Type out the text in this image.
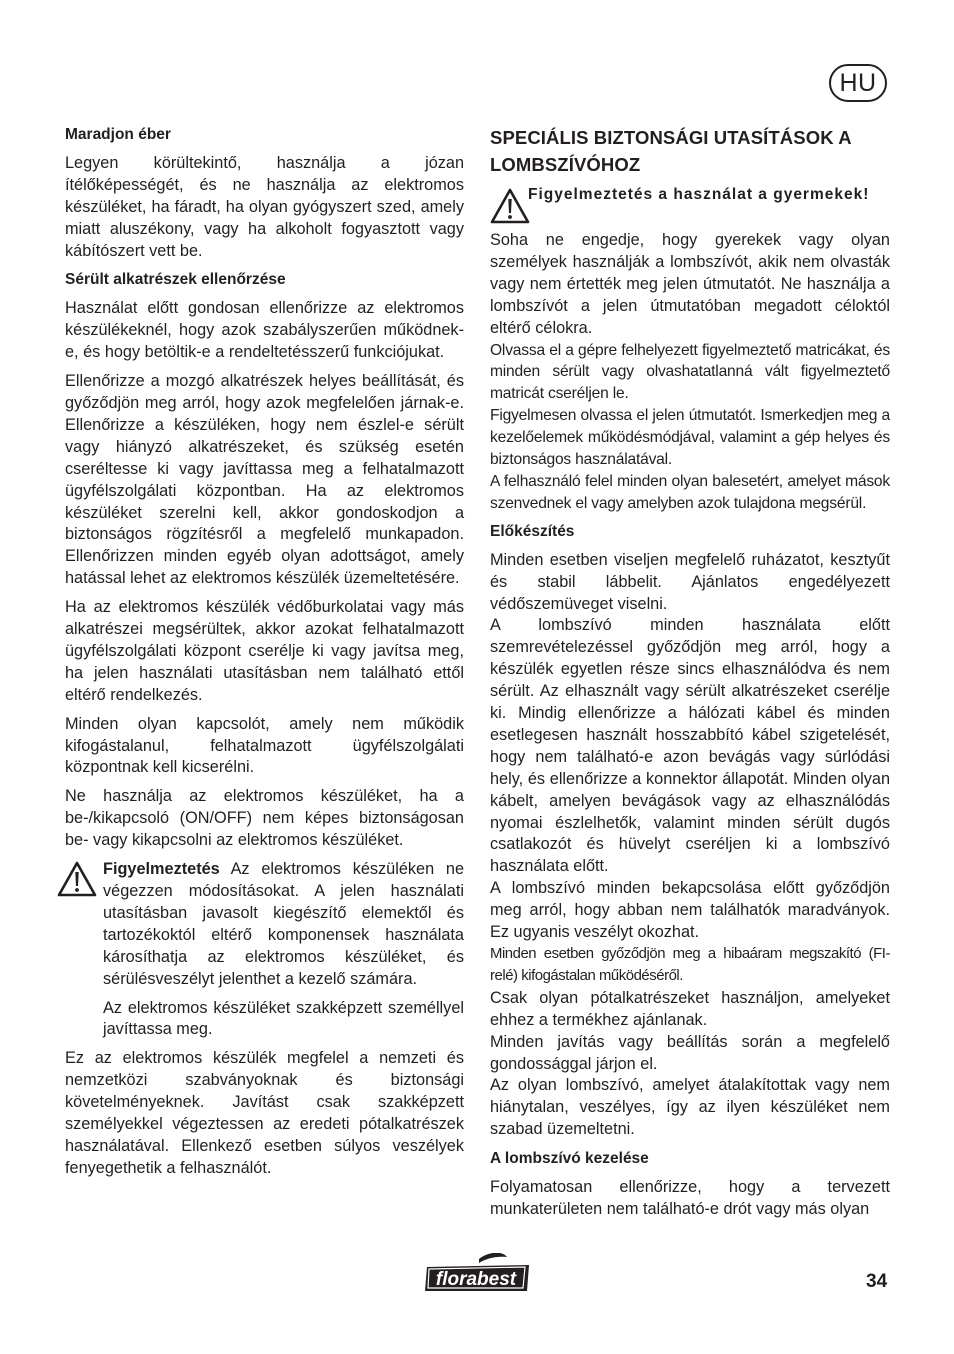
HU
Maradjon éber

Legyen körültekintő, használja a józan ítélőképességét, és ne használja az elektromos készüléket, ha fáradt, ha olyan gyógyszert szed, amely miatt aluszékony, vagy ha alkoholt fogyasztott vagy kábítószert vett be.

Sérült alkatrészek ellenőrzése

Használat előtt gondosan ellenőrizze az elektromos készülékeknél, hogy azok szabályszerűen működnek-e, és hogy betöltik-e a rendeltetésszerű funkciójukat.

Ellenőrizze a mozgó alkatrészek helyes beállítását, és győződjön meg arról, hogy azok megfelelően járnak-e. Ellenőrizze a készüléken, hogy nem észlel-e sérült vagy hiányzó alkatrészeket, és szükség esetén cseréltesse ki vagy javíttassa meg a felhatalmazott ügyfélszolgálati központban. Ha az elektromos készüléket szerelni kell, akkor gondoskodjon a biztonságos rögzítésről a megfelelő munkapadon. Ellenőrizzen minden egyéb olyan adottságot, amely hatással lehet az elektromos készülék üzemeltetésére.

Ha az elektromos készülék védőburkolatai vagy más alkatrészei megsérültek, akkor azokat felhatalmazott ügyfélszolgálati központ cserélje ki vagy javítsa meg, ha jelen használati utasításban nem található ettől eltérő rendelkezés.

Minden olyan kapcsolót, amely nem működik kifogástalanul, felhatalmazott ügyfélszolgálati központnak kell kicserélni.

Ne használja az elektromos készüléket, ha a be-/kikapcsoló (ON/OFF) nem képes biztonságosan be- vagy kikapcsolni az elektromos készüléket.

Figyelmeztetés Az elektromos készüléken ne végezzen módosításokat. A jelen használati utasításban javasolt kiegészítő elemektől és tartozékoktól eltérő komponensek használata károsíthatja az elektromos készüléket, és sérülésveszélyt jelenthet a kezelő számára.

Az elektromos készüléket szakképzett személlyel javíttassa meg.

Ez az elektromos készülék megfelel a nemzeti és nemzetközi szabványoknak és biztonsági követelményeknek. Javítást csak szakképzett személyekkel végeztessen az eredeti pótalkatrészek használatával. Ellenkező esetben súlyos veszélyek fenyegethetik a felhasználót.

SPECIÁLIS BIZTONSÁGI UTASÍTÁSOK A LOMBSZÍVÓHOZ
Figyelmeztetés a használat a gyermekek!

Soha ne engedje, hogy gyerekek vagy olyan személyek használják a lombszívót, akik nem olvasták vagy nem értették meg jelen útmutatót. Ne használja a lombszívót a jelen útmutatóban megadott céloktól eltérő célokra.

Olvassa el a gépre felhelyezett figyelmeztető matricákat, és minden sérült vagy olvashatatlanná vált figyelmeztető matricát cseréljen le.

Figyelmesen olvassa el jelen útmutatót. Ismerkedjen meg a kezelőelemek működésmódjával, valamint a gép helyes és biztonságos használatával.

A felhasználó felel minden olyan balesetért, amelyet mások szenvednek el vagy amelyben azok tulajdona megsérül.

Előkészítés

Minden esetben viseljen megfelelő ruházatot, kesztyűt és stabil lábbelit. Ajánlatos engedélyezett védőszemüveget viselni.

A lombszívó minden használata előtt szemrevételezéssel győződjön meg arról, hogy a készülék egyetlen része sincs elhasználódva és nem sérült. Az elhasznált vagy sérült alkatrészeket cserélje ki. Mindig ellenőrizze a hálózati kábel és minden esetlegesen használt hosszabbító kábel szigetelését, hogy nem található-e azon bevágás vagy súrlódási hely, és ellenőrizze a konnektor állapotát. Minden olyan kábelt, amelyen bevágások vagy az elhasználódás nyomai észlelhetők, valamint minden sérült dugós csatlakozót és hüvelyt cseréljen ki a lombszívó használata előtt.

A lombszívó minden bekapcsolása előtt győződjön meg arról, hogy abban nem találhatók maradványok. Ez ugyanis veszélyt okozhat.

Minden esetben győződjön meg a hibaáram megszakító (FI-relé) kifogástalan működéséről.

Csak olyan pótalkatrészeket használjon, amelyeket ehhez a termékhez ajánlanak.

Minden javítás vagy beállítás során a megfelelő gondossággal járjon el.

Az olyan lombszívó, amelyet átalakítottak vagy nem hiánytalan, veszélyes, így az ilyen készüléket nem szabad üzemeltetni.

A lombszívó kezelése

Folyamatosan ellenőrizze, hogy a tervezett munkaterületen nem található-e drót vagy más olyan

florabest	34
